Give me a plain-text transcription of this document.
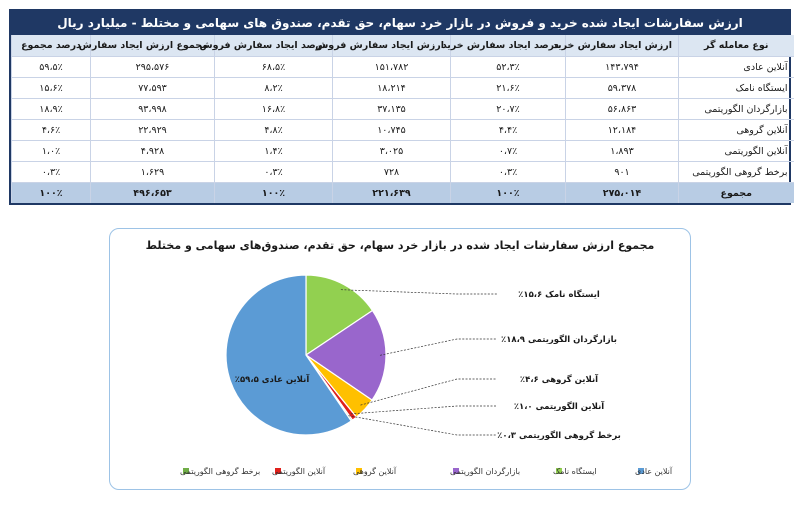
ارزش سفارشات ایجاد شده خرید و فروش در بازار خرد سهام، حق تقدم، صندوق های سهامی و مختلط - میلیارد ریال
نوع معامله گر	ارزش ایجاد سفارش خرید	درصد ایجاد سفارش خرید	ارزش ایجاد سفارش فروش	درصد ایجاد سفارش فروش	مجموع ارزش ایجاد سفارش	درصد مجموع
آنلاین عادی	۱۴۳،۷۹۴	۵۲،۳٪	۱۵۱،۷۸۲	۶۸،۵٪	۲۹۵،۵۷۶	۵۹،۵٪
ایستگاه نامک	۵۹،۳۷۸	۲۱،۶٪	۱۸،۲۱۴	۸،۲٪	۷۷،۵۹۳	۱۵،۶٪
بازارگردان الگوریتمی	۵۶،۸۶۳	۲۰،۷٪	۳۷،۱۳۵	۱۶،۸٪	۹۳،۹۹۸	۱۸،۹٪
آنلاین گروهی	۱۲،۱۸۴	۴،۴٪	۱۰،۷۴۵	۴،۸٪	۲۲،۹۲۹	۴،۶٪
آنلاین الگوریتمی	۱،۸۹۳	۰،۷٪	۳،۰۲۵	۱،۴٪	۴،۹۲۸	۱،۰٪
برخط گروهی الگوریتمی	۹۰۱	۰،۳٪	۷۲۸	۰،۳٪	۱،۶۲۹	۰،۳٪
مجموع	۲۷۵،۰۱۴	۱۰۰٪	۲۲۱،۶۳۹	۱۰۰٪	۴۹۶،۶۵۳	۱۰۰٪
مجموع ارزش سفارشات ایجاد شده در بازار خرد سهام، حق تقدم، صندوق‌های سهامی و مختلط
ایستگاه نامک ۱۵،۶٪
بازارگردان الگوریتمی ۱۸،۹٪
آنلاین گروهی ۴،۶٪
آنلاین الگوریتمی ۱،۰٪
برخط گروهی الگوریتمی ۰،۳٪
آنلاین عادی ۵۹،۵٪
آنلاین عادی
ایستگاه نامک
بازارگردان الگوریتمی
آنلاین گروهی
آنلاین الگوریتمی
برخط گروهی الگوریتمی
